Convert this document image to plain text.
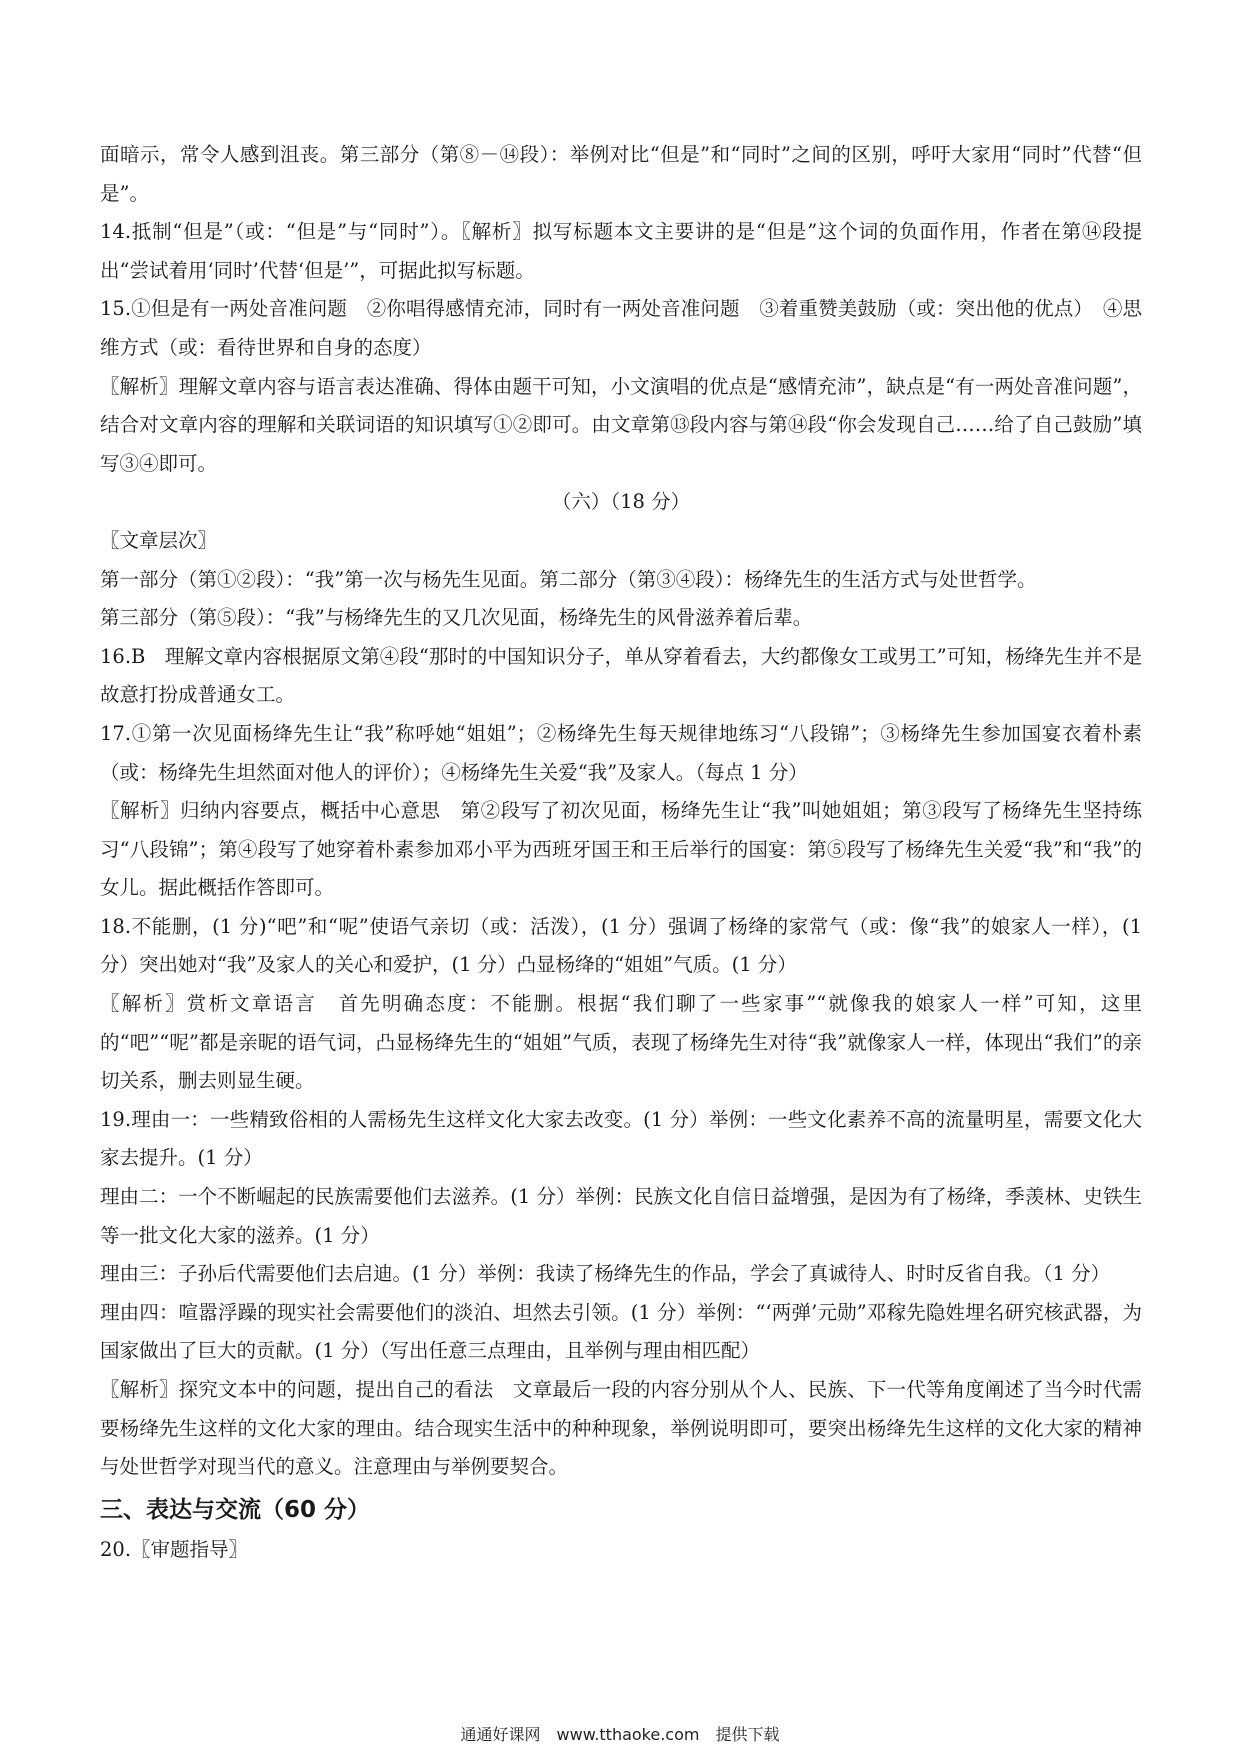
面暗示，常令人感到沮丧。第三部分（第⑧－⑭段）：举例对比“但是”和“同时”之间的区别，呼吁大家用“同时”代替“但是”。

14.抵制“但是”（或：“但是”与“同时”）。〖解析〗拟写标题本文主要讲的是“但是”这个词的负面作用，作者在第⑭段提出“尝试着用‘同时’代替‘但是’”，可据此拟写标题。

15.①但是有一两处音准问题　②你唱得感情充沛，同时有一两处音准问题　③着重赞美鼓励（或：突出他的优点）　④思维方式（或：看待世界和自身的态度）

〖解析〗理解文章内容与语言表达准确、得体由题干可知，小文演唱的优点是“感情充沛”，缺点是“有一两处音准问题”，结合对文章内容的理解和关联词语的知识填写①②即可。由文章第⑬段内容与第⑭段“你会发现自己……给了自己鼓励”填写③④即可。

（六）（18 分）

〖文章层次〗

第一部分（第①②段）：“我”第一次与杨先生见面。第二部分（第③④段）：杨绛先生的生活方式与处世哲学。

第三部分（第⑤段）：“我”与杨绛先生的又几次见面，杨绛先生的风骨滋养着后辈。

16.B　理解文章内容根据原文第④段“那时的中国知识分子，单从穿着看去，大约都像女工或男工”可知，杨绛先生并不是故意打扮成普通女工。

17.①第一次见面杨绛先生让“我”称呼她“姐姐”；②杨绛先生每天规律地练习“八段锦”；③杨绛先生参加国宴衣着朴素（或：杨绛先生坦然面对他人的评价）；④杨绛先生关爱“我”及家人。（每点 1 分）

〖解析〗归纳内容要点，概括中心意思　第②段写了初次见面，杨绛先生让“我”叫她姐姐；第③段写了杨绛先生坚持练习“八段锦”；第④段写了她穿着朴素参加邓小平为西班牙国王和王后举行的国宴：第⑤段写了杨绛先生关爱“我”和“我”的女儿。据此概括作答即可。

18.不能删，(1 分)“吧”和“呢”使语气亲切（或：活泼），(1 分）强调了杨绛的家常气（或：像“我”的娘家人一样），(1 分）突出她对“我”及家人的关心和爱护，(1 分）凸显杨绛的“姐姐”气质。(1 分）

〖解析〗赏析文章语言　首先明确态度：不能删。根据“我们聊了一些家事”“就像我的娘家人一样”可知，这里的“吧”“呢”都是亲昵的语气词，凸显杨绛先生的“姐姐”气质，表现了杨绛先生对待“我”就像家人一样，体现出“我们”的亲切关系，删去则显生硬。

19.理由一：一些精致俗相的人需杨先生这样文化大家去改变。(1 分）举例：一些文化素养不高的流量明星，需要文化大家去提升。(1 分）

理由二：一个不断崛起的民族需要他们去滋养。(1 分）举例：民族文化自信日益增强，是因为有了杨绛，季羡林、史铁生等一批文化大家的滋养。(1 分）

理由三：子孙后代需要他们去启迪。(1 分）举例：我读了杨绛先生的作品，学会了真诚待人、时时反省自我。（1 分）

理由四：喧嚣浮躁的现实社会需要他们的淡泊、坦然去引领。(1 分）举例：“‘两弹’元勋”邓稼先隐姓埋名研究核武器，为国家做出了巨大的贡献。(1 分）（写出任意三点理由，且举例与理由相匹配）

〖解析〗探究文本中的问题，提出自己的看法　文章最后一段的内容分别从个人、民族、下一代等角度阐述了当今时代需要杨绛先生这样的文化大家的理由。结合现实生活中的种种现象，举例说明即可，要突出杨绛先生这样的文化大家的精神与处世哲学对现当代的意义。注意理由与举例要契合。

三、表达与交流（60 分）

20.〖审题指导〗

通通好课网　www.tthaoke.com　提供下载
